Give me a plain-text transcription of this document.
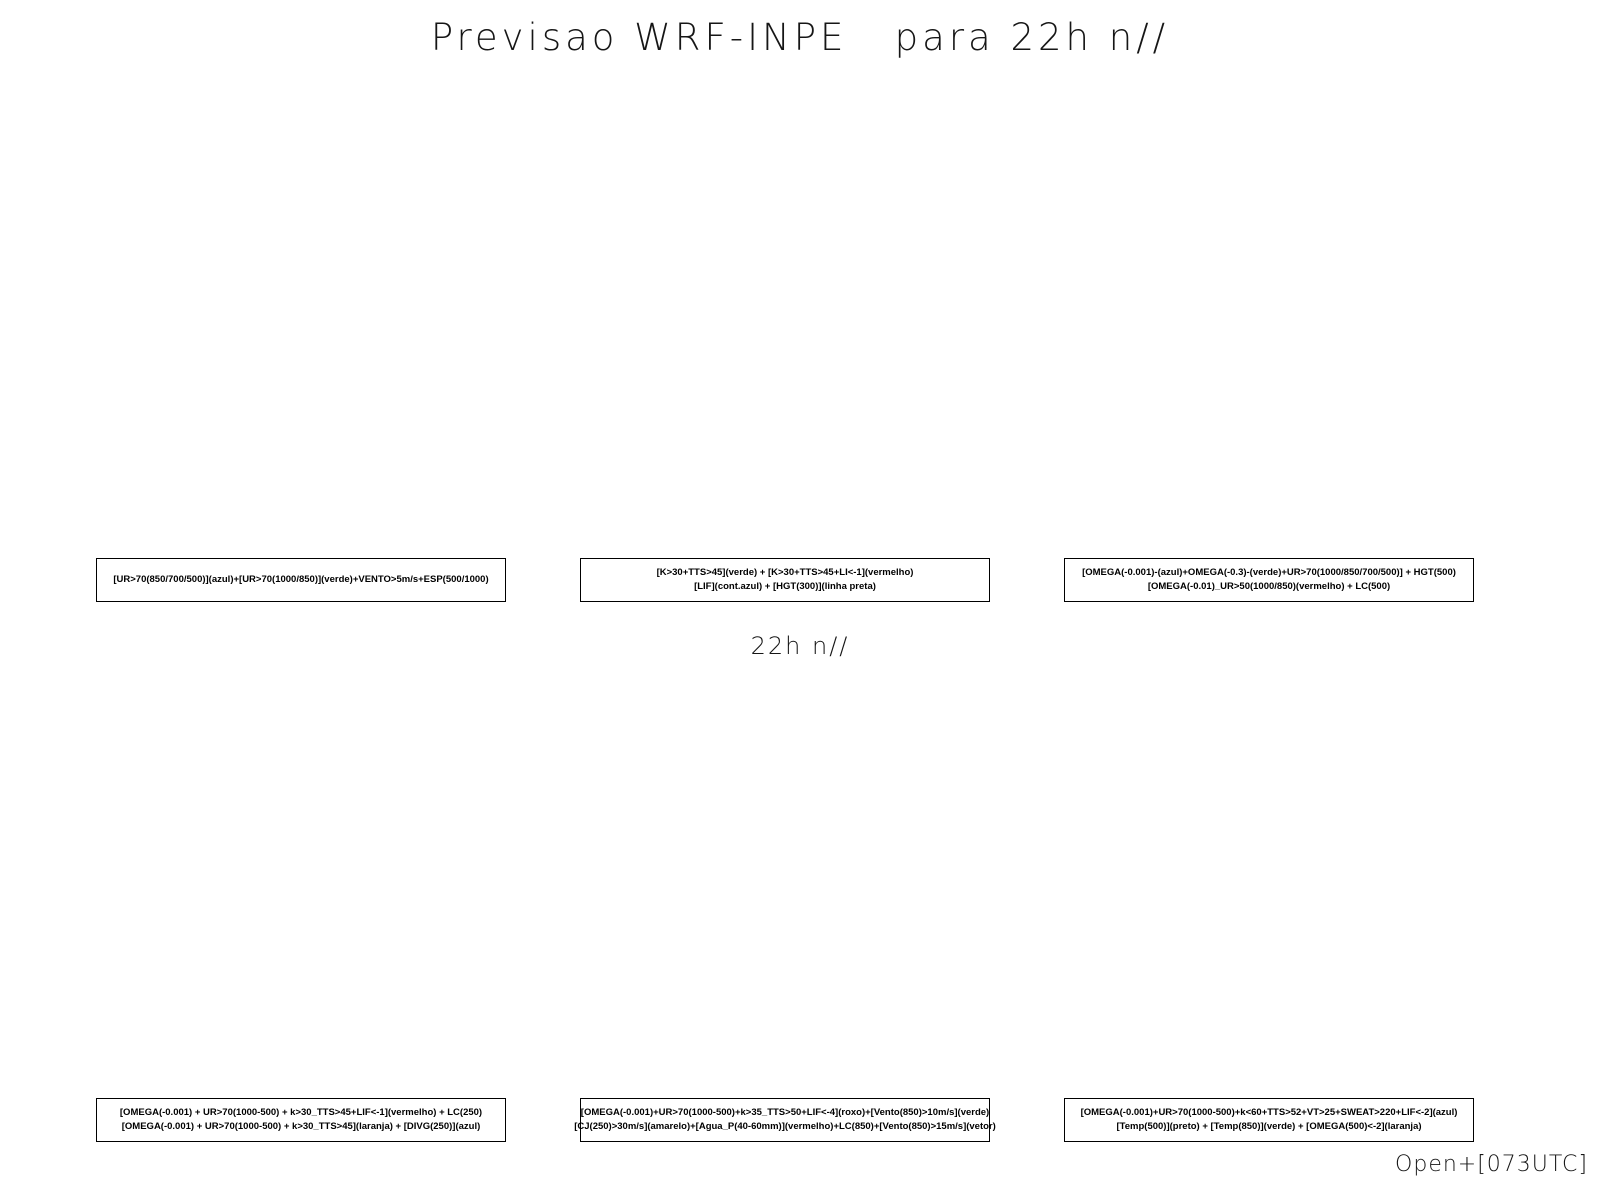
Previsao WRF-INPE   para 22h n//
[UR>70(850/700/500)](azul)+[UR>70(1000/850)](verde)+VENTO>5m/s+ESP(500/1000)
[K>30+TTS>45](verde) + [K>30+TTS>45+LI<-1](vermelho)
[LIF](cont.azul) + [HGT(300)](linha preta)
[OMEGA(-0.001)-(azul)+OMEGA(-0.3)-(verde)+UR>70(1000/850/700/500)] + HGT(500)
[OMEGA(-0.01)_UR>50(1000/850)(vermelho) + LC(500)
22h n//
[OMEGA(-0.001) + UR>70(1000-500) + k>30_TTS>45+LIF<-1](vermelho) + LC(250)
[OMEGA(-0.001) + UR>70(1000-500) + k>30_TTS>45](laranja) + [DIVG(250)](azul)
[OMEGA(-0.001)+UR>70(1000-500)+k>35_TTS>50+LIF<-4](roxo)+[Vento(850)>10m/s](verde)
[CJ(250)>30m/s](amarelo)+[Agua_P(40-60mm)](vermelho)+LC(850)+[Vento(850)>15m/s](vetor)
[OMEGA(-0.001)+UR>70(1000-500)+k<60+TTS>52+VT>25+SWEAT>220+LIF<-2](azul)
[Temp(500)](preto) + [Temp(850)](verde) + [OMEGA(500)<-2](laranja)
Open+[073UTC]
